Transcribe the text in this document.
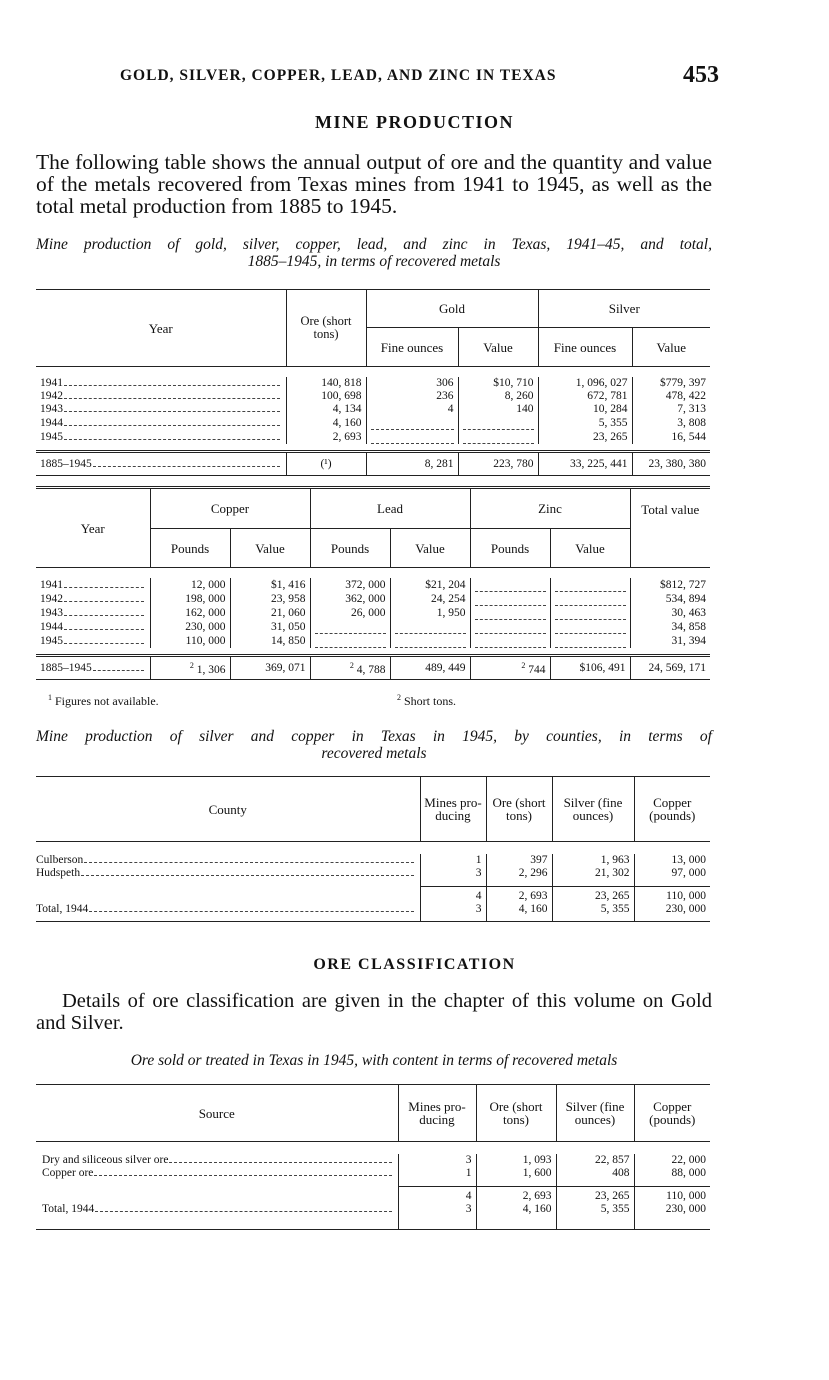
GOLD, SILVER, COPPER, LEAD, AND ZINC IN TEXAS	453
MINE PRODUCTION
The following table shows the annual output of ore and the quantity and value of the metals recovered from Texas mines from 1941 to 1945, as well as the total metal production from 1885 to 1945.
Mine production of gold, silver, copper, lead, and zinc in Texas, 1941–45, and total,
1885–1945, in terms of recovered metals
Year	Ore (short tons)	Gold		Silver	
		Fine ounces	Value	Fine ounces	Value

1941	140, 818	306	$10, 710	1, 096, 027	$779, 397

1942	100, 698	236	8, 260	672, 781	478, 422

1943	4, 134	4	140	10, 284	7, 313

1944	4, 160			5, 355	3, 808

1945	2, 693			23, 265	16, 544

1885–1945	(¹)	8, 281	223, 780	33, 225, 441	23, 380, 380
Year	Copper		Lead		Zinc		Total value
	Pounds	Value	Pounds	Value	Pounds	Value	

1941	12, 000	$1, 416	372, 000	$21, 204			$812, 727

1942	198, 000	23, 958	362, 000	24, 254			534, 894

1943	162, 000	21, 060	26, 000	1, 950			30, 463

1944	230, 000	31, 050					34, 858

1945	110, 000	14, 850					31, 394

1885–1945	$^2$ 1, 306	369, 071	$^2$ 4, 788	489, 449	$^2$ 744	$106, 491	24, 569, 171
$^1$ Figures not available.	$^2$ Short tons.
Mine production of silver and copper in Texas in 1945, by counties, in terms of
recovered metals
County	Mines pro- ducing	Ore (short tons)	Silver (fine ounces)	Copper (pounds)

Culberson	1	397	1, 963	13, 000

Hudspeth	3	2, 296	21, 302	97, 000

	4	2, 693	23, 265	110, 000

Total, 1944	3	4, 160	5, 355	230, 000
ORE CLASSIFICATION
Details of ore classification are given in the chapter of this volume on Gold and Silver.
Ore sold or treated in Texas in 1945, with content in terms of recovered metals
Source	Mines pro- ducing	Ore (short tons)	Silver (fine ounces)	Copper (pounds)

Dry and siliceous silver ore	3	1, 093	22, 857	22, 000

Copper ore	1	1, 600	408	88, 000

	4	2, 693	23, 265	110, 000

Total, 1944	3	4, 160	5, 355	230, 000
